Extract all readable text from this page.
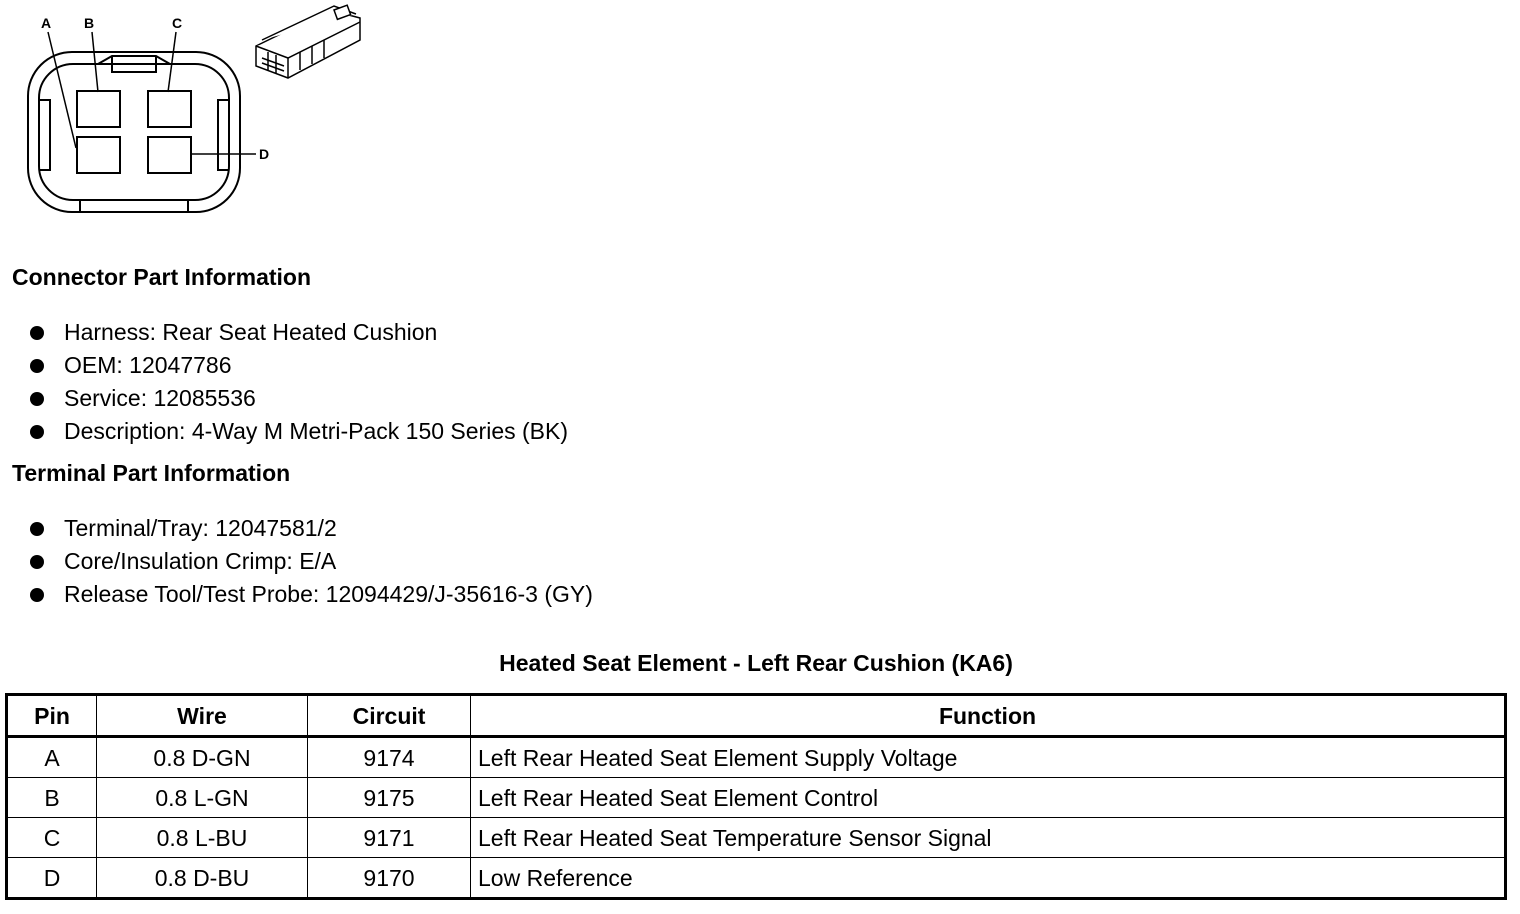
A B	C
D
Connector Part Information
Harness: Rear Seat Heated Cushion
OEM: 12047786
Service: 12085536
Description: 4-Way M Metri-Pack 150 Series (BK)
Terminal Part Information
Terminal/Tray: 12047581/2
Core/Insulation Crimp: E/A
Release Tool/Test Probe: 12094429/J-35616-3 (GY)
Heated Seat Element - Left Rear Cushion (KA6)
Pin	Wire	Circuit	Function
A	0.8 D-GN	9174	Left Rear Heated Seat Element Supply Voltage
B	0.8 L-GN	9175	Left Rear Heated Seat Element Control
C	0.8 L-BU	9171	Left Rear Heated Seat Temperature Sensor Signal
D	0.8 D-BU	9170	Low Reference
